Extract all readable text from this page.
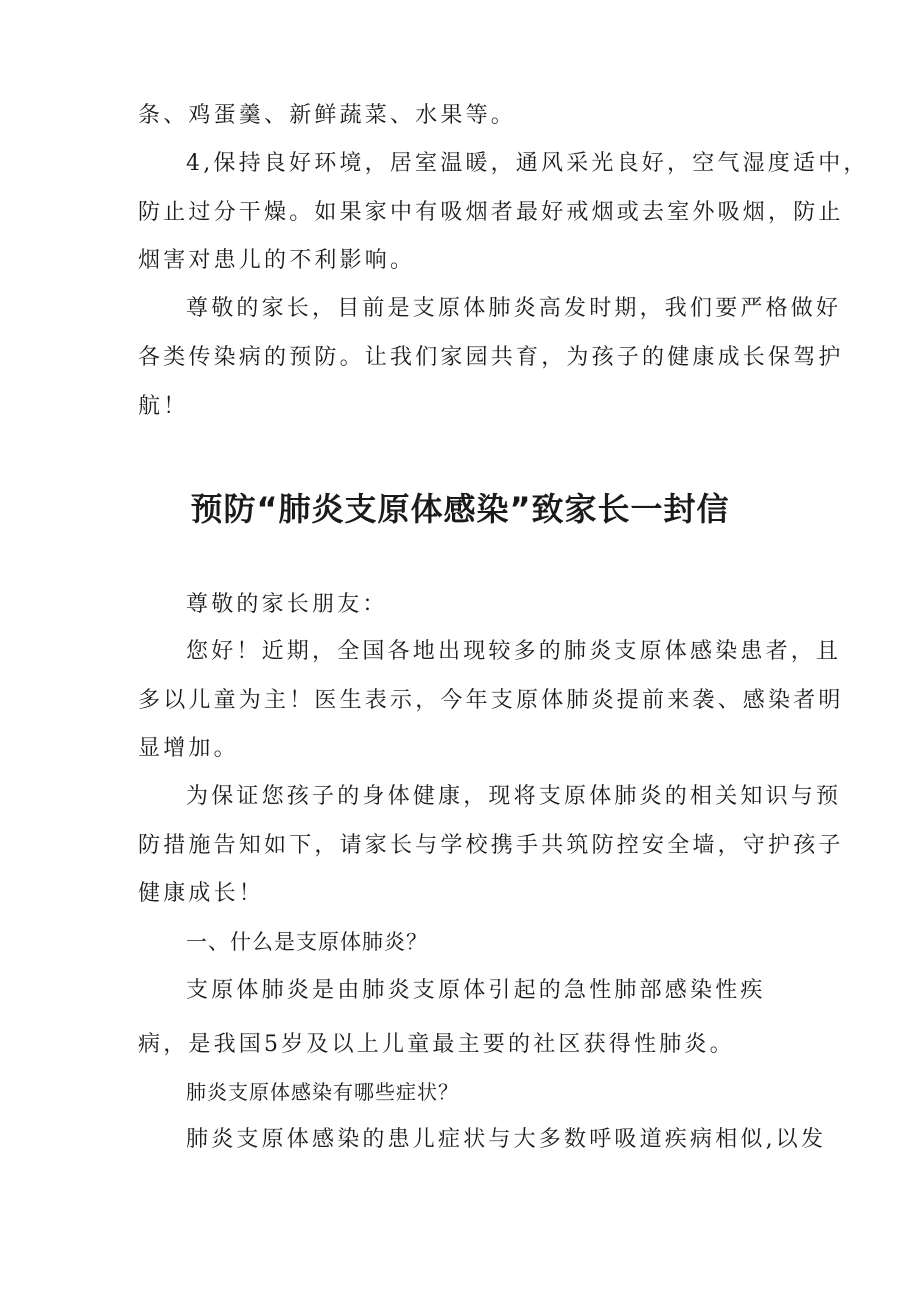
条、鸡蛋羹、新鲜蔬菜、水果等。
4,保持良好环境，居室温暖，通风采光良好，空气湿度适中，
防止过分干燥。如果家中有吸烟者最好戒烟或去室外吸烟，防止
烟害对患儿的不利影响。
尊敬的家长，目前是支原体肺炎高发时期，我们要严格做好
各类传染病的预防。让我们家园共育，为孩子的健康成长保驾护
航！
预防“肺炎支原体感染”致家长一封信
尊敬的家长朋友：
您好！近期，全国各地出现较多的肺炎支原体感染患者，且
多以儿童为主！医生表示，今年支原体肺炎提前来袭、感染者明
显增加。
为保证您孩子的身体健康，现将支原体肺炎的相关知识与预
防措施告知如下，请家长与学校携手共筑防控安全墙，守护孩子
健康成长！
一、什么是支原体肺炎？
支原体肺炎是由肺炎支原体引起的急性肺部感染性疾
病，是我国5岁及以上儿童最主要的社区获得性肺炎。
肺炎支原体感染有哪些症状？
肺炎支原体感染的患儿症状与大多数呼吸道疾病相似,以发
